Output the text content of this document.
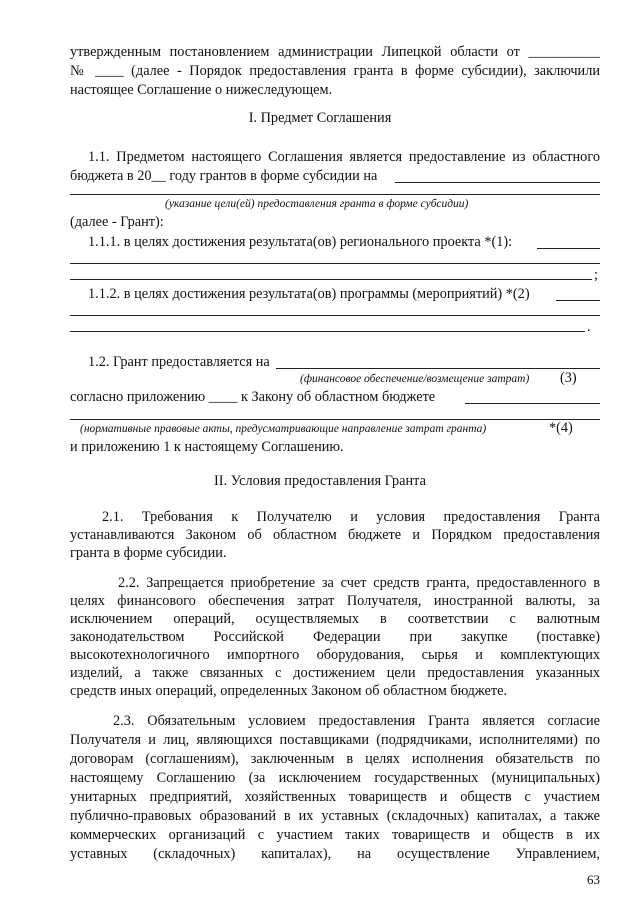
утвержденным постановлением администрации Липецкой области от __________
№ ____ (далее - Порядок предоставления гранта в форме субсидии), заключили
настоящее Соглашение о нижеследующем.
I. Предмет Соглашения
1.1. Предметом настоящего Соглашения является предоставление из областного
бюджета в 20__ году грантов в форме субсидии на
(указание цели(ей) предоставления гранта в форме субсидии)
(далее - Грант):
1.1.1. в целях достижения результата(ов) регионального проекта *(1):
;
1.1.2. в целях достижения результата(ов) программы (мероприятий) *(2)
.
1.2. Грант предоставляется на
(финансовое обеспечение/возмещение затрат) (3)
согласно приложению ____ к Закону об областном бюджете
(нормативные правовые акты, предусматривающие направление затрат гранта)	*(4)
и приложению 1 к настоящему Соглашению.
II. Условия предоставления Гранта
2.1. Требования к Получателю и условия предоставления Гранта
устанавливаются Законом об областном бюджете и Порядком предоставления
гранта в форме субсидии.
2.2. Запрещается приобретение за счет средств гранта, предоставленного в
целях финансового обеспечения затрат Получателя, иностранной валюты, за
исключением операций, осуществляемых в соответствии с валютным
законодательством Российской Федерации при закупке (поставке)
высокотехнологичного импортного оборудования, сырья и комплектующих
изделий, а также связанных с достижением цели предоставления указанных
средств иных операций, определенных Законом об областном бюджете.
2.3. Обязательным условием предоставления Гранта является согласие
Получателя и лиц, являющихся поставщиками (подрядчиками, исполнителями) по
договорам (соглашениям), заключенным в целях исполнения обязательств по
настоящему Соглашению (за исключением государственных (муниципальных)
унитарных предприятий, хозяйственных товариществ и обществ с участием
публично-правовых образований в их уставных (складочных) капиталах, а также
коммерческих организаций с участием таких товариществ и обществ в их
уставных (складочных) капиталах), на осуществление Управлением,
63
